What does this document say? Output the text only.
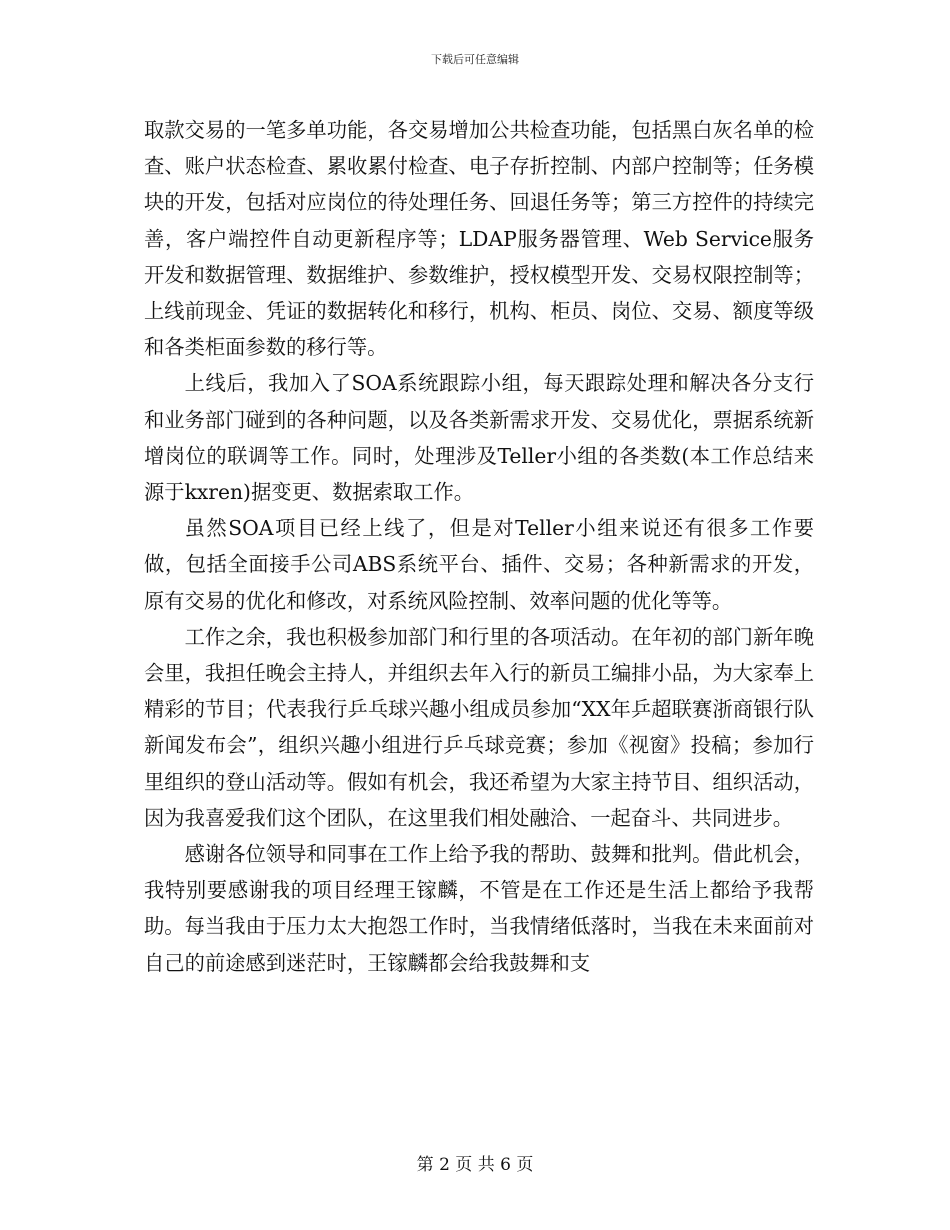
下载后可任意编辑

取款交易的一笔多单功能，各交易增加公共检查功能，包括黑白灰名单的检查、账户状态检查、累收累付检查、电子存折控制、内部户控制等；任务模块的开发，包括对应岗位的待处理任务、回退任务等；第三方控件的持续完善，客户端控件自动更新程序等；LDAP服务器管理、Web Service服务开发和数据管理、数据维护、参数维护，授权模型开发、交易权限控制等；上线前现金、凭证的数据转化和移行，机构、柜员、岗位、交易、额度等级和各类柜面参数的移行等。

上线后，我加入了SOA系统跟踪小组，每天跟踪处理和解决各分支行和业务部门碰到的各种问题，以及各类新需求开发、交易优化，票据系统新增岗位的联调等工作。同时，处理涉及Teller小组的各类数(本工作总结来源于kxren)据变更、数据索取工作。

虽然SOA项目已经上线了，但是对Teller小组来说还有很多工作要做，包括全面接手公司ABS系统平台、插件、交易；各种新需求的开发，原有交易的优化和修改，对系统风险控制、效率问题的优化等等。

工作之余，我也积极参加部门和行里的各项活动。在年初的部门新年晚会里，我担任晚会主持人，并组织去年入行的新员工编排小品，为大家奉上精彩的节目；代表我行乒乓球兴趣小组成员参加“XX年乒超联赛浙商银行队新闻发布会”，组织兴趣小组进行乒乓球竞赛；参加《视窗》投稿；参加行里组织的登山活动等。假如有机会，我还希望为大家主持节目、组织活动，因为我喜爱我们这个团队，在这里我们相处融洽、一起奋斗、共同进步。

感谢各位领导和同事在工作上给予我的帮助、鼓舞和批判。借此机会，我特别要感谢我的项目经理王镓麟，不管是在工作还是生活上都给予我帮助。每当我由于压力太大抱怨工作时，当我情绪低落时，当我在未来面前对自己的前途感到迷茫时，王镓麟都会给我鼓舞和支

第 2 页 共 6 页
